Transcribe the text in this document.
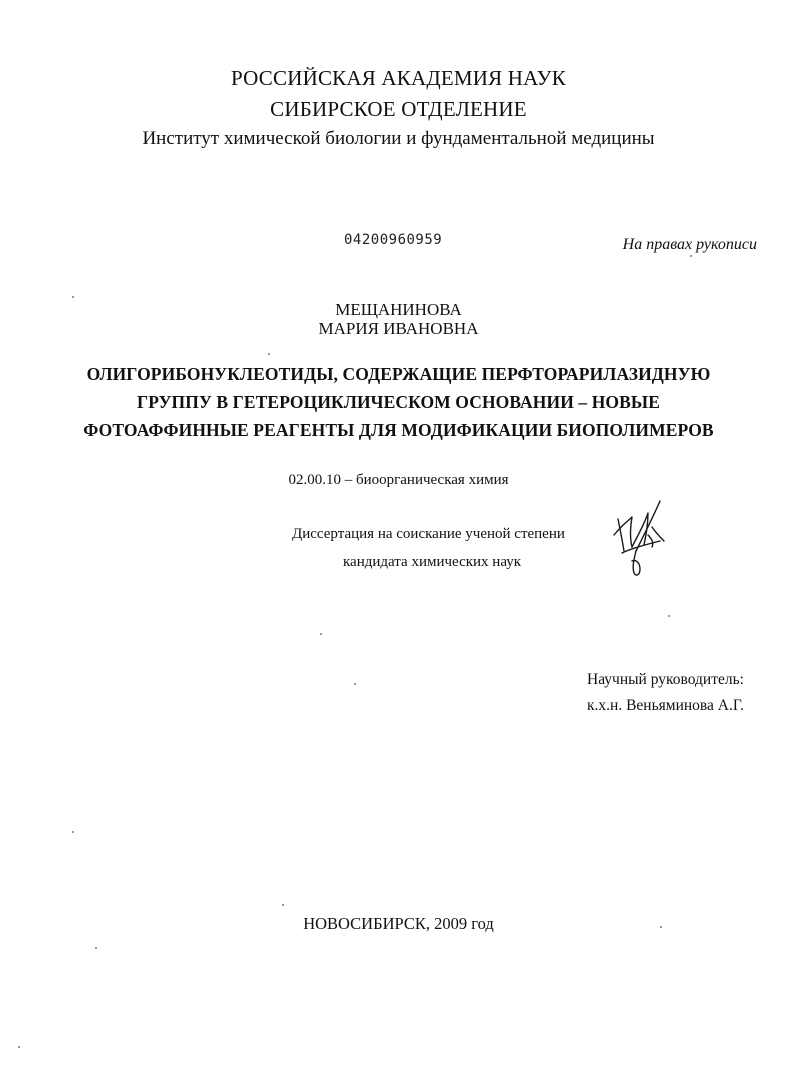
РОССИЙСКАЯ АКАДЕМИЯ НАУК

СИБИРСКОЕ ОТДЕЛЕНИЕ

Институт химической биологии и фундаментальной медицины

04200960959	На правах рукописи

МЕЩАНИНОВА

МАРИЯ ИВАНОВНА

ОЛИГОРИБОНУКЛЕОТИДЫ, СОДЕРЖАЩИЕ ПЕРФТОРАРИЛАЗИДНУЮ

ГРУППУ В ГЕТЕРОЦИКЛИЧЕСКОМ ОСНОВАНИИ – НОВЫЕ

ФОТОАФФИННЫЕ РЕАГЕНТЫ ДЛЯ МОДИФИКАЦИИ БИОПОЛИМЕРОВ

02.00.10 – биоорганическая химия

Диссертация на соискание ученой степени

кандидата химических наук

Научный руководитель:

к.х.н. Веньяминова А.Г.

НОВОСИБИРСК, 2009 год
